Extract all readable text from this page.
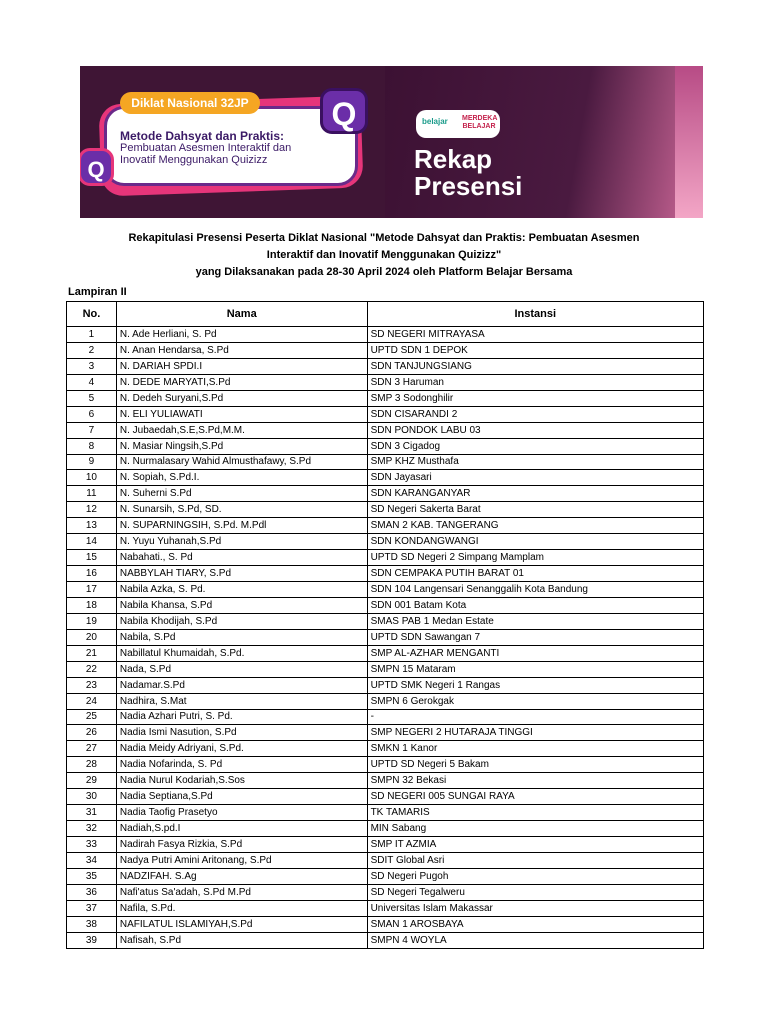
Diklat Nasional 32JP
Metode Dahsyat dan Praktis:
Pembuatan Asesmen Interaktif dan
Inovatif Menggunakan Quizizz
Q
Q
belajar MERDEKA BELAJAR
Rekap
Presensi
Rekapitulasi Presensi Peserta Diklat Nasional "Metode Dahsyat dan Praktis: Pembuatan Asesmen
Interaktif dan Inovatif Menggunakan Quizizz"
yang Dilaksanakan pada 28-30 April 2024 oleh Platform Belajar Bersama
Lampiran II
No.	Nama	Instansi
1	N. Ade Herliani, S. Pd	SD NEGERI MITRAYASA
2	N. Anan Hendarsa, S.Pd	UPTD SDN 1 DEPOK
3	N. DARIAH SPDI.I	SDN TANJUNGSIANG
4	N. DEDE MARYATI,S.Pd	SDN 3 Haruman
5	N. Dedeh Suryani,S.Pd	SMP 3 Sodonghilir
6	N. ELI YULIAWATI	SDN CISARANDI 2
7	N. Jubaedah,S.E,S.Pd,M.M.	SDN PONDOK LABU 03
8	N. Masiar Ningsih,S.Pd	SDN 3 Cigadog
9	N. Nurmalasary Wahid Almusthafawy, S.Pd	SMP KHZ Musthafa
10	N. Sopiah, S.Pd.I.	SDN Jayasari
11	N. Suherni S.Pd	SDN KARANGANYAR
12	N. Sunarsih, S.Pd, SD.	SD Negeri Sakerta Barat
13	N. SUPARNINGSIH, S.Pd. M.Pdl	SMAN 2 KAB. TANGERANG
14	N. Yuyu Yuhanah,S.Pd	SDN KONDANGWANGI
15	Nabahati., S. Pd	UPTD SD Negeri 2 Simpang Mamplam
16	NABBYLAH TIARY, S.Pd	SDN CEMPAKA PUTIH BARAT 01
17	Nabila Azka, S. Pd.	SDN 104 Langensari Senanggalih Kota Bandung
18	Nabila Khansa, S.Pd	SDN 001 Batam Kota
19	Nabila Khodijah, S.Pd	SMAS PAB 1 Medan Estate
20	Nabila, S.Pd	UPTD SDN Sawangan 7
21	Nabillatul Khumaidah, S.Pd.	SMP AL-AZHAR MENGANTI
22	Nada, S.Pd	SMPN 15 Mataram
23	Nadamar.S.Pd	UPTD SMK Negeri 1 Rangas
24	Nadhira, S.Mat	SMPN 6 Gerokgak
25	Nadia Azhari Putri, S. Pd.	-
26	Nadia Ismi Nasution, S.Pd	SMP NEGERI 2 HUTARAJA TINGGI
27	Nadia Meidy Adriyani, S.Pd.	SMKN 1 Kanor
28	Nadia Nofarinda, S. Pd	UPTD SD Negeri 5 Bakam
29	Nadia Nurul Kodariah,S.Sos	SMPN 32 Bekasi
30	Nadia Septiana,S.Pd	SD NEGERI 005 SUNGAI RAYA
31	Nadia Taofig Prasetyo	TK TAMARIS
32	Nadiah,S.pd.I	MIN Sabang
33	Nadirah Fasya Rizkia, S.Pd	SMP IT AZMIA
34	Nadya Putri Amini Aritonang, S.Pd	SDIT Global Asri
35	NADZIFAH. S.Ag	SD Negeri Pugoh
36	Nafi'atus Sa'adah, S.Pd M.Pd	SD Negeri Tegalweru
37	Nafila, S.Pd.	Universitas Islam Makassar
38	NAFILATUL ISLAMIYAH,S.Pd	SMAN 1 AROSBAYA
39	Nafisah, S.Pd	SMPN 4 WOYLA
